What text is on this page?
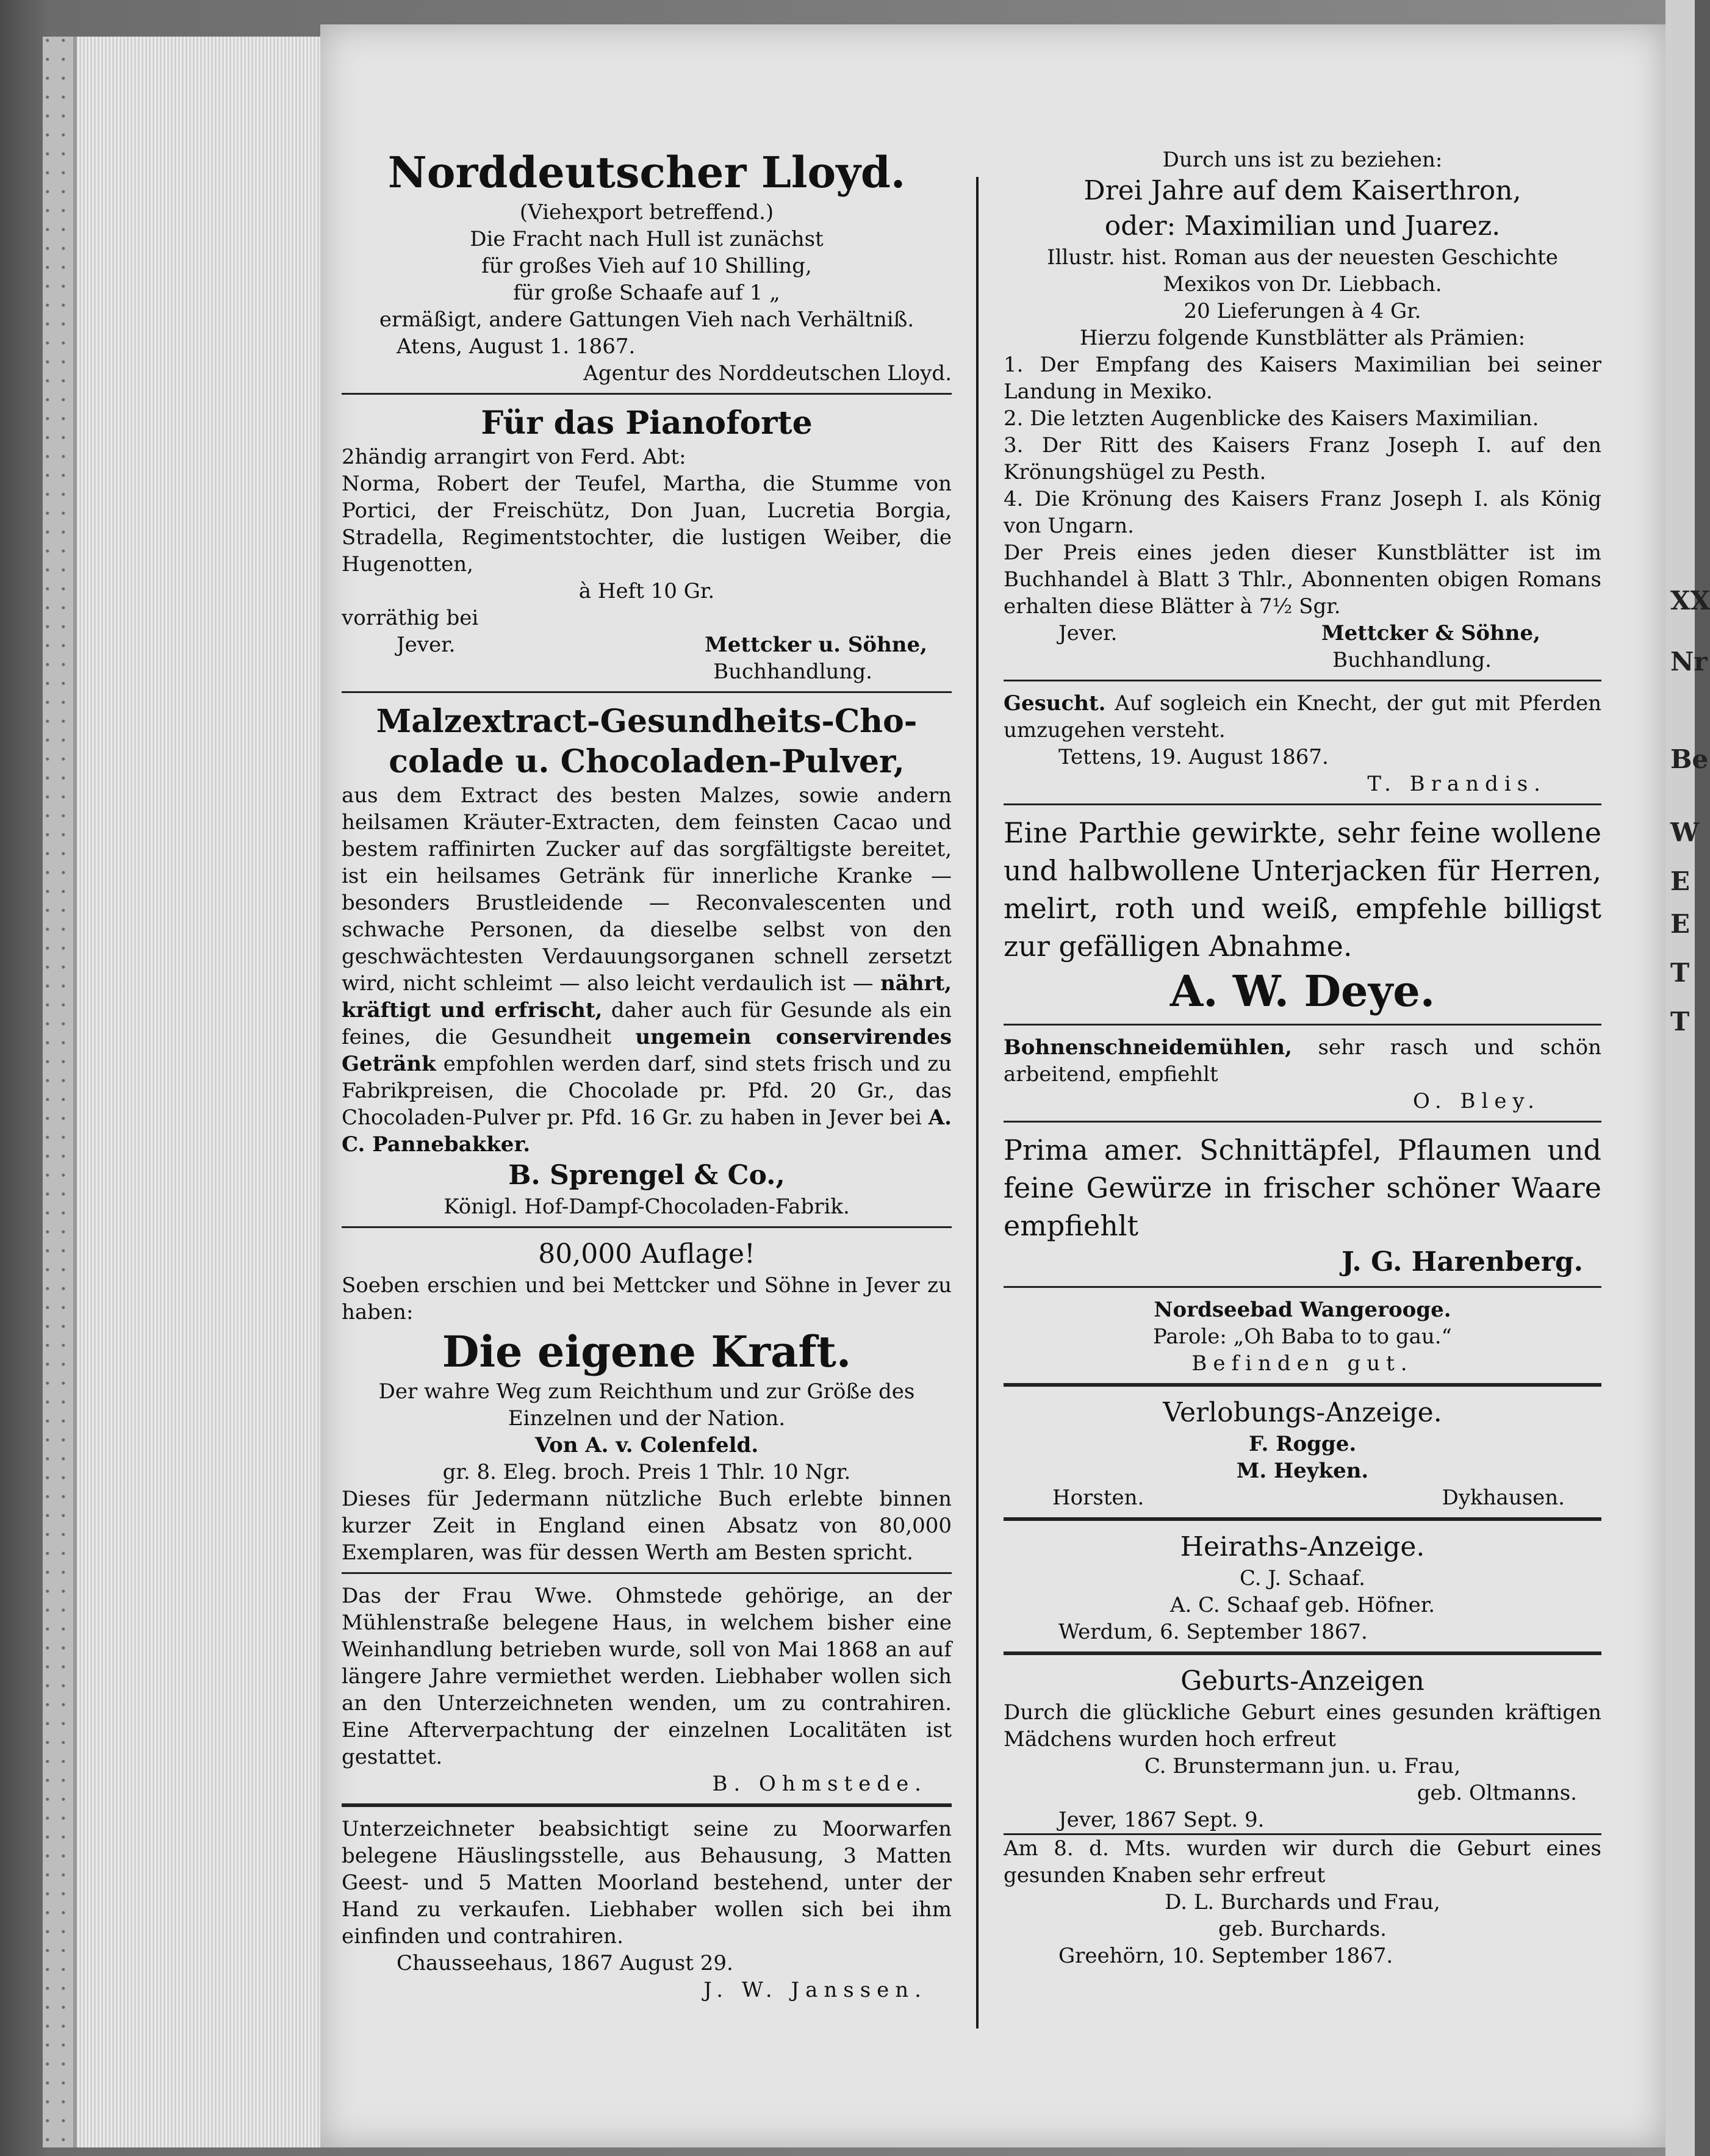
XX
Nr
Be
W
E
E
T
T
Norddeutscher Lloyd.
(Vieheҳport betreffend.)
Die Fracht nach Hull ist zunächst
für großes Vieh auf 10 Shilling,
für große Schaafe auf 1 „
ermäßigt, andere Gattungen Vieh nach Verhältniß.
Atens, August 1. 1867.
Agentur des Norddeutschen Lloyd.
Für das Pianoforte
2händig arrangirt von Ferd. Abt:
Norma, Robert der Teufel, Martha, die Stumme von Portici, der Freischütz, Don Juan, Lucretia Borgia, Stradella, Regimentstochter, die lustigen Weiber, die Hugenotten,
à Heft 10 Gr.
vorräthig bei
Jever.	Mettcker u. Söhne,
Buchhandlung.
Malzextract-Gesundheits-Cho-
colade u. Chocoladen-Pulver,
aus dem Extract des besten Malzes, sowie andern heilsamen Kräuter-Extracten, dem feinsten Cacao und bestem raffinirten Zucker auf das sorgfältigste bereitet, ist ein heilsames Getränk für innerliche Kranke — besonders Brustleidende — Reconvalescenten und schwache Personen, da dieselbe selbst von den geschwächtesten Verdauungsorganen schnell zersetzt wird, nicht schleimt — also leicht verdaulich ist — nährt, kräftigt und erfrischt, daher auch für Gesunde als ein feines, die Gesundheit ungemein conservirendes Getränk empfohlen werden darf, sind stets frisch und zu Fabrikpreisen, die Chocolade pr. Pfd. 20 Gr., das Chocoladen-Pulver pr. Pfd. 16 Gr. zu haben in Jever bei A. C. Pannebakker.
B. Sprengel & Co.,
Königl. Hof-Dampf-Chocoladen-Fabrik.
80,000 Auflage!
Soeben erschien und bei Mettcker und Söhne in Jever zu haben:
Die eigene Kraft.
Der wahre Weg zum Reichthum und zur Größe des Einzelnen und der Nation.
Von A. v. Colenfeld.
gr. 8. Eleg. broch. Preis 1 Thlr. 10 Ngr.
Dieses für Jedermann nützliche Buch erlebte binnen kurzer Zeit in England einen Absatz von 80,000 Exemplaren, was für dessen Werth am Besten spricht.
Das der Frau Wwe. Ohmstede gehörige, an der Mühlenstraße belegene Haus, in welchem bisher eine Weinhandlung betrieben wurde, soll von Mai 1868 an auf längere Jahre vermiethet werden. Liebhaber wollen sich an den Unterzeichneten wenden, um zu contrahiren. Eine Afterverpachtung der einzelnen Localitäten ist gestattet.
B. Ohmstede.
Unterzeichneter beabsichtigt seine zu Moorwarfen belegene Häuslingsstelle, aus Behausung, 3 Matten Geest- und 5 Matten Moorland bestehend, unter der Hand zu verkaufen. Liebhaber wollen sich bei ihm einfinden und contrahiren.
Chausseehaus, 1867 August 29.
J. W. Janssen.
Durch uns ist zu beziehen:
Drei Jahre auf dem Kaiserthron,
oder: Maximilian und Juarez.
Illustr. hist. Roman aus der neuesten Geschichte
Mexikos von Dr. Liebbach.
20 Lieferungen à 4 Gr.
Hierzu folgende Kunstblätter als Prämien:
1. Der Empfang des Kaisers Maximilian bei seiner Landung in Mexiko.
2. Die letzten Augenblicke des Kaisers Maximilian.
3. Der Ritt des Kaisers Franz Joseph I. auf den Krönungshügel zu Pesth.
4. Die Krönung des Kaisers Franz Joseph I. als König von Ungarn.
Der Preis eines jeden dieser Kunstblätter ist im Buchhandel à Blatt 3 Thlr., Abonnenten obigen Romans erhalten diese Blätter à 7½ Sgr.
Jever.	Mettcker & Söhne,
Buchhandlung.
Gesucht. Auf sogleich ein Knecht, der gut mit Pferden umzugehen versteht.
Tettens, 19. August 1867.
T. Brandis.
Eine Parthie gewirkte, sehr feine wollene und halbwollene Unterjacken für Herren, melirt, roth und weiß, empfehle billigst zur gefälligen Abnahme.
A. W. Deye.
Bohnenschneidemühlen, sehr rasch und schön arbeitend, empfiehlt
O. Bley.
Prima amer. Schnittäpfel, Pflaumen und feine Gewürze in frischer schöner Waare empfiehlt
J. G. Harenberg.
Nordseebad Wangerooge.
Parole: „Oh Baba to to gau.“
Befinden gut.
Verlobungs-Anzeige.
F. Rogge.
M. Heyken.
Horsten.	Dykhausen.
Heiraths-Anzeige.
C. J. Schaaf.
A. C. Schaaf geb. Höfner.
Werdum, 6. September 1867.
Geburts-Anzeigen
Durch die glückliche Geburt eines gesunden kräftigen Mädchens wurden hoch erfreut
C. Brunstermann jun. u. Frau,
geb. Oltmanns.
Jever, 1867 Sept. 9.
Am 8. d. Mts. wurden wir durch die Geburt eines gesunden Knaben sehr erfreut
D. L. Burchards und Frau,
geb. Burchards.
Greehörn, 10. September 1867.
